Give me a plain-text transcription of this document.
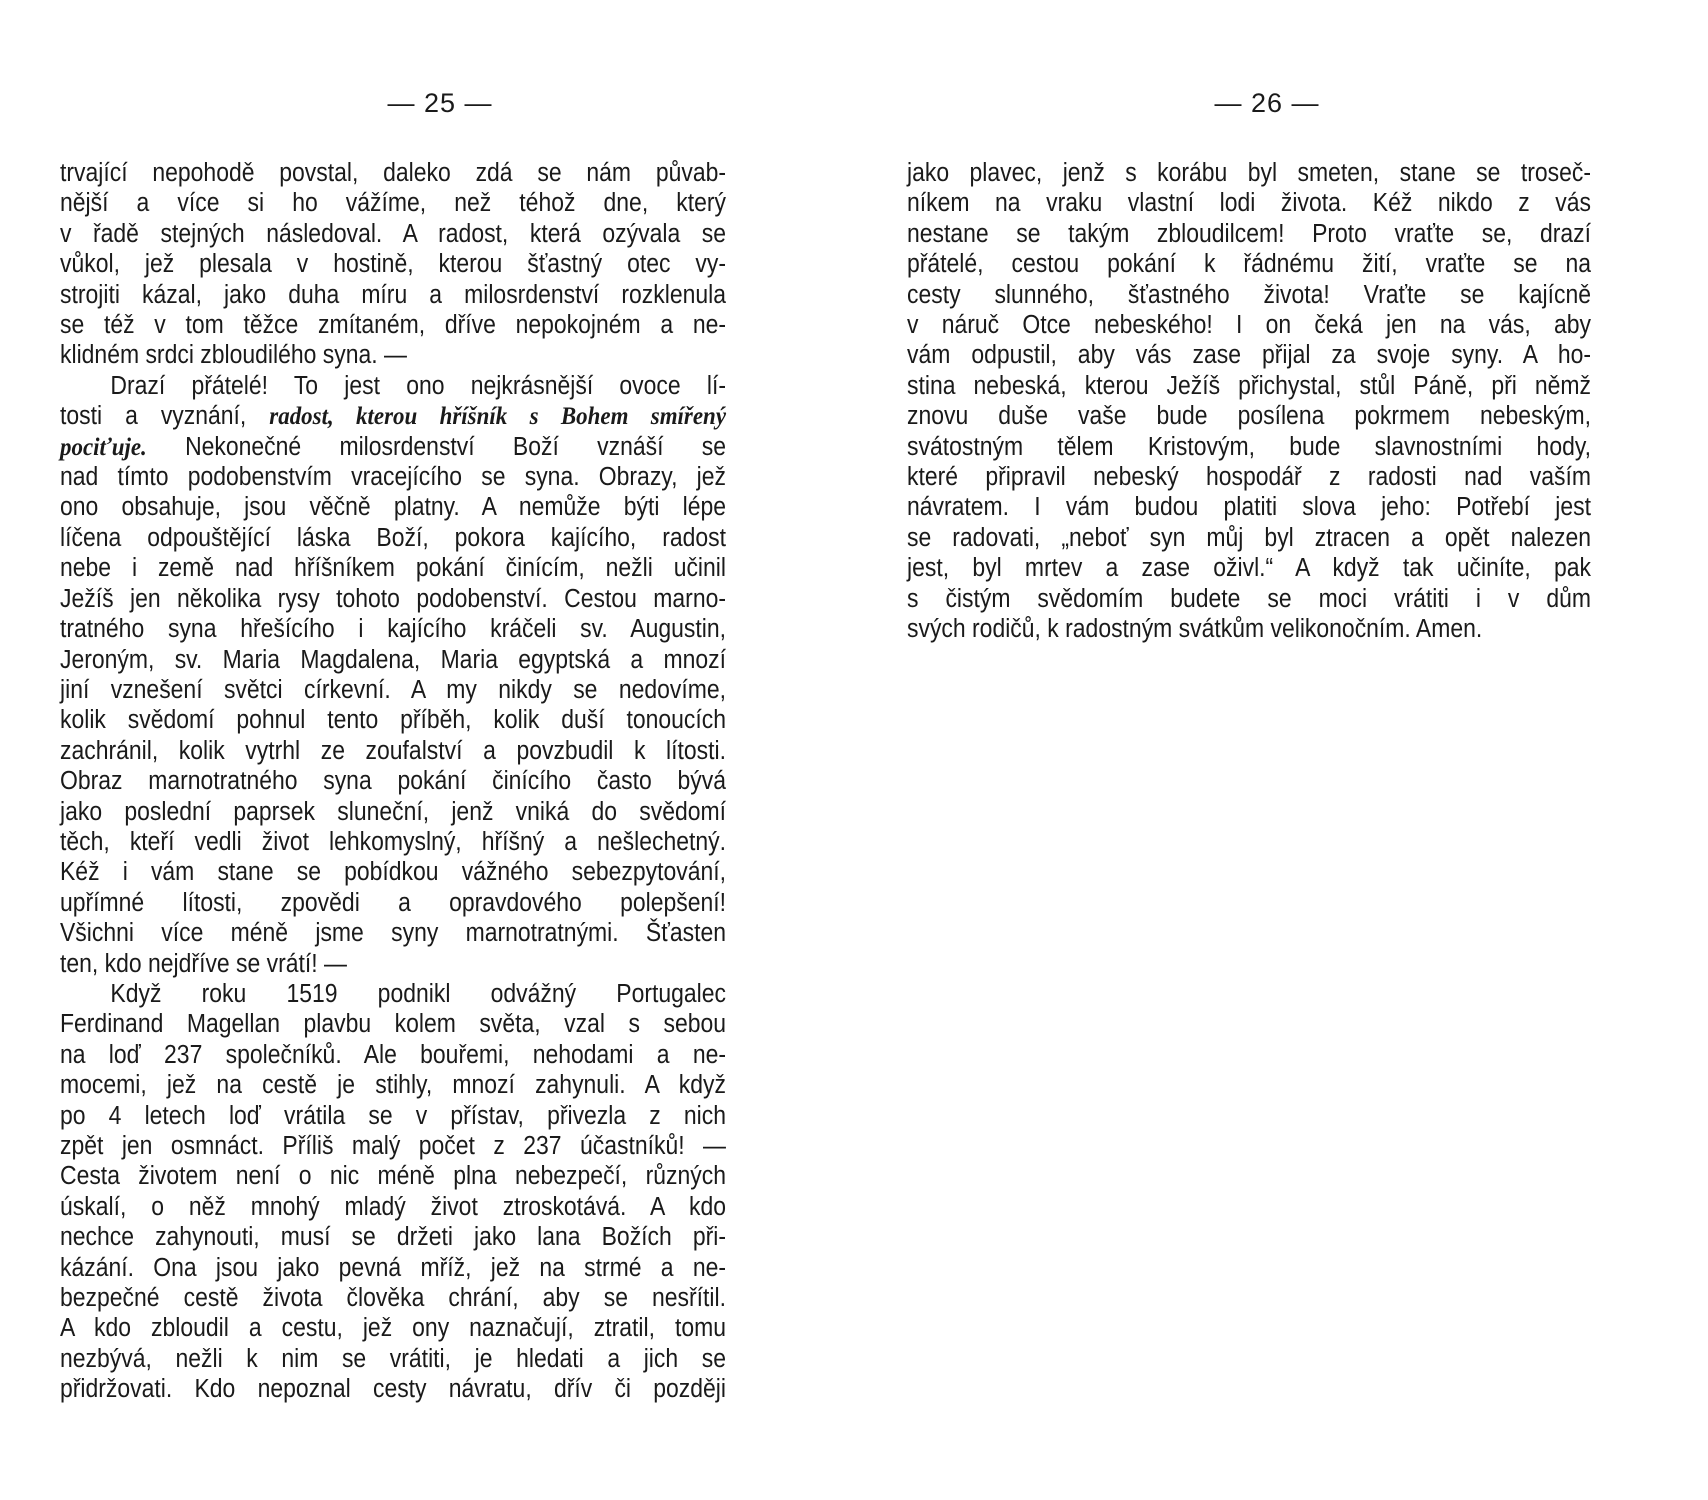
— 25 —
trvající nepohodě povstal, daleko zdá se nám půvab-
nější a více si ho vážíme, než téhož dne, který
v řadě stejných následoval. A radost, která ozývala se
vůkol, jež plesala v hostině, kterou šťastný otec vy-
strojiti kázal, jako duha míru a milosrdenství rozklenula
se též v tom těžce zmítaném, dříve nepokojném a ne-
klidném srdci zbloudilého syna. —
Drazí přátelé! To jest ono nejkrásnější ovoce lí-
tosti a vyznání, radost, kterou hříšník s Bohem smířený
pociťuje. Nekonečné milosrdenství Boží vznáší se
nad tímto podobenstvím vracejícího se syna. Obrazy, jež
ono obsahuje, jsou věčně platny. A nemůže býti lépe
líčena odpouštějící láska Boží, pokora kajícího, radost
nebe i země nad hříšníkem pokání činícím, nežli učinil
Ježíš jen několika rysy tohoto podobenství. Cestou marno-
tratného syna hřešícího i kajícího kráčeli sv. Augustin,
Jeroným, sv. Maria Magdalena, Maria egyptská a mnozí
jiní vznešení světci církevní. A my nikdy se nedovíme,
kolik svědomí pohnul tento příběh, kolik duší tonoucích
zachránil, kolik vytrhl ze zoufalství a povzbudil k lítosti.
Obraz marnotratného syna pokání činícího často bývá
jako poslední paprsek sluneční, jenž vniká do svědomí
těch, kteří vedli život lehkomyslný, hříšný a nešlechetný.
Kéž i vám stane se pobídkou vážného sebezpytování,
upřímné lítosti, zpovědi a opravdového polepšení!
Všichni více méně jsme syny marnotratnými. Šťasten
ten, kdo nejdříve se vrátí! —
Když roku 1519 podnikl odvážný Portugalec
Ferdinand Magellan plavbu kolem světa, vzal s sebou
na loď 237 společníků. Ale bouřemi, nehodami a ne-
mocemi, jež na cestě je stihly, mnozí zahynuli. A když
po 4 letech loď vrátila se v přístav, přivezla z nich
zpět jen osmnáct. Příliš malý počet z 237 účastníků! —
Cesta životem není o nic méně plna nebezpečí, různých
úskalí, o něž mnohý mladý život ztroskotává. A kdo
nechce zahynouti, musí se držeti jako lana Božích při-
kázání. Ona jsou jako pevná mříž, jež na strmé a ne-
bezpečné cestě života člověka chrání, aby se nesřítil.
A kdo zbloudil a cestu, jež ony naznačují, ztratil, tomu
nezbývá, nežli k nim se vrátiti, je hledati a jich se
přidržovati. Kdo nepoznal cesty návratu, dřív či později
— 26 —
jako plavec, jenž s korábu byl smeten, stane se troseč-
níkem na vraku vlastní lodi života. Kéž nikdo z vás
nestane se takým zbloudilcem! Proto vraťte se, drazí
přátelé, cestou pokání k řádnému žití, vraťte se na
cesty slunného, šťastného života! Vraťte se kajícně
v náruč Otce nebeského! I on čeká jen na vás, aby
vám odpustil, aby vás zase přijal za svoje syny. A ho-
stina nebeská, kterou Ježíš přichystal, stůl Páně, při němž
znovu duše vaše bude posílena pokrmem nebeským,
svátostným tělem Kristovým, bude slavnostními hody,
které připravil nebeský hospodář z radosti nad vaším
návratem. I vám budou platiti slova jeho: Potřebí jest
se radovati, „neboť syn můj byl ztracen a opět nalezen
jest, byl mrtev a zase oživl.“ A když tak učiníte, pak
s čistým svědomím budete se moci vrátiti i v dům
svých rodičů, k radostným svátkům velikonočním. Amen.
